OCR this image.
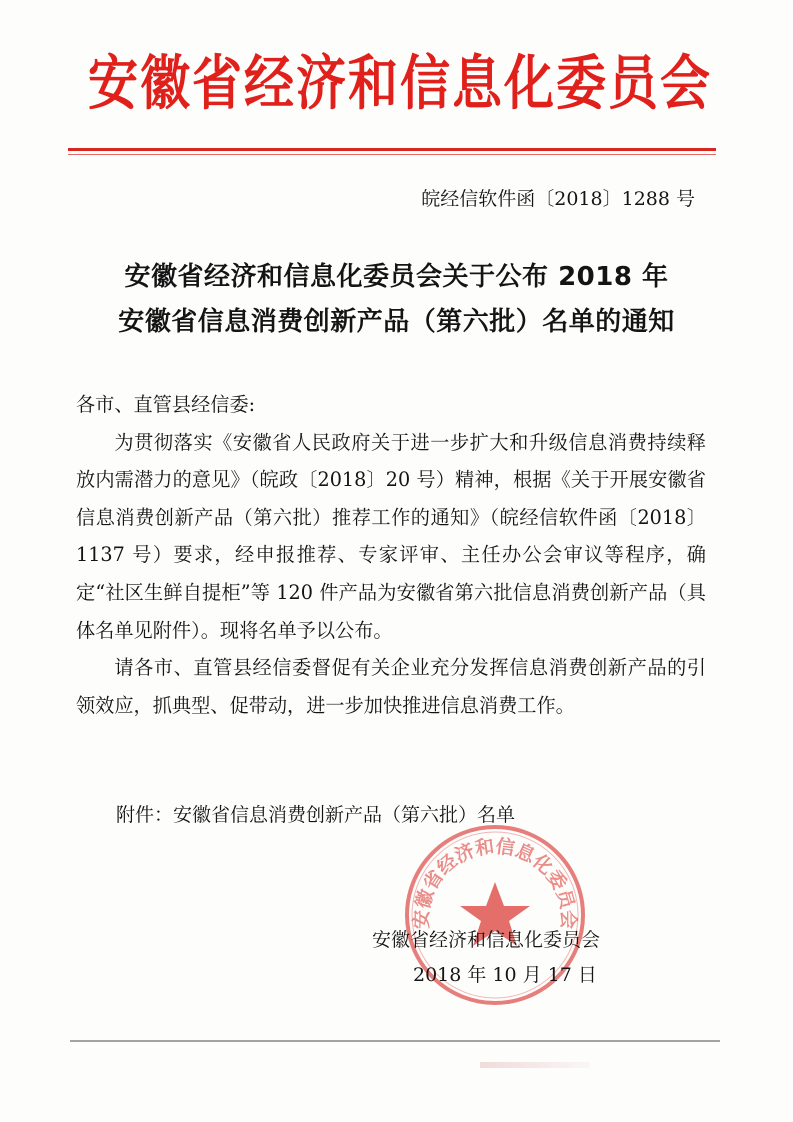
安徽省经济和信息化委员会
皖经信软件函〔2018〕1288 号
安徽省经济和信息化委员会关于公布 2018 年
安徽省信息消费创新产品（第六批）名单的通知

各市、直管县经信委:

为贯彻落实《安徽省人民政府关于进一步扩大和升级信息消费持续释放内需潜力的意见》（皖政〔2018〕20 号）精神，根据《关于开展安徽省信息消费创新产品（第六批）推荐工作的通知》（皖经信软件函〔2018〕1137 号）要求，经申报推荐、专家评审、主任办公会审议等程序，确定“社区生鲜自提柜”等 120 件产品为安徽省第六批信息消费创新产品（具体名单见附件）。现将名单予以公布。

请各市、直管县经信委督促有关企业充分发挥信息消费创新产品的引领效应，抓典型、促带动，进一步加快推进信息消费工作。

附件：安徽省信息消费创新产品（第六批）名单
安徽省经济和信息化委员会
安徽省经济和信息化委员会
2018 年 10 月 17 日
